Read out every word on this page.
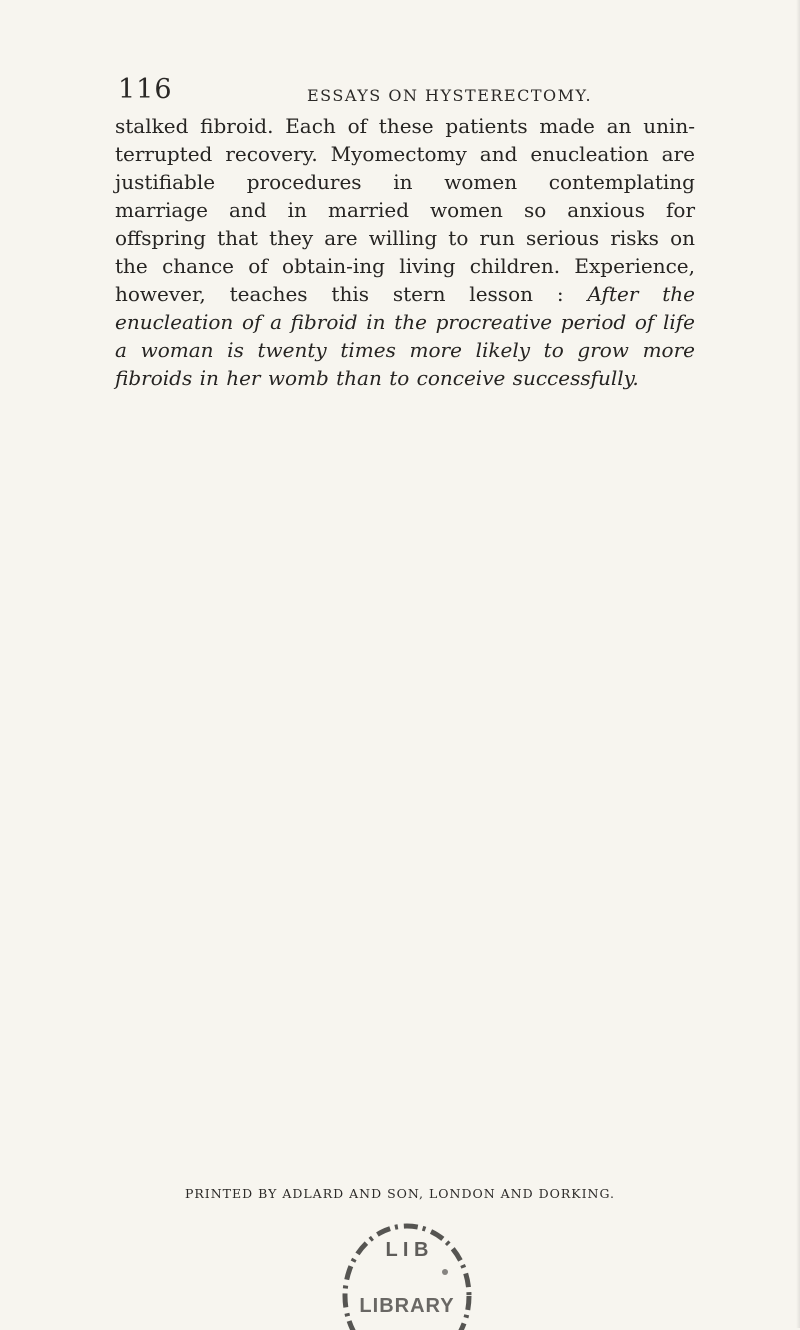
116	ESSAYS ON HYSTERECTOMY.
stalked fibroid. Each of these patients made an unin-terrupted recovery. Myomectomy and enucleation are justifiable procedures in women contemplating marriage and in married women so anxious for offspring that they are willing to run serious risks on the chance of obtain-ing living children. Experience, however, teaches this stern lesson : After the enucleation of a fibroid in the procreative period of life a woman is twenty times more likely to grow more fibroids in her womb than to conceive successfully.
PRINTED BY ADLARD AND SON, LONDON AND DORKING.
L I B
LIBRARY
